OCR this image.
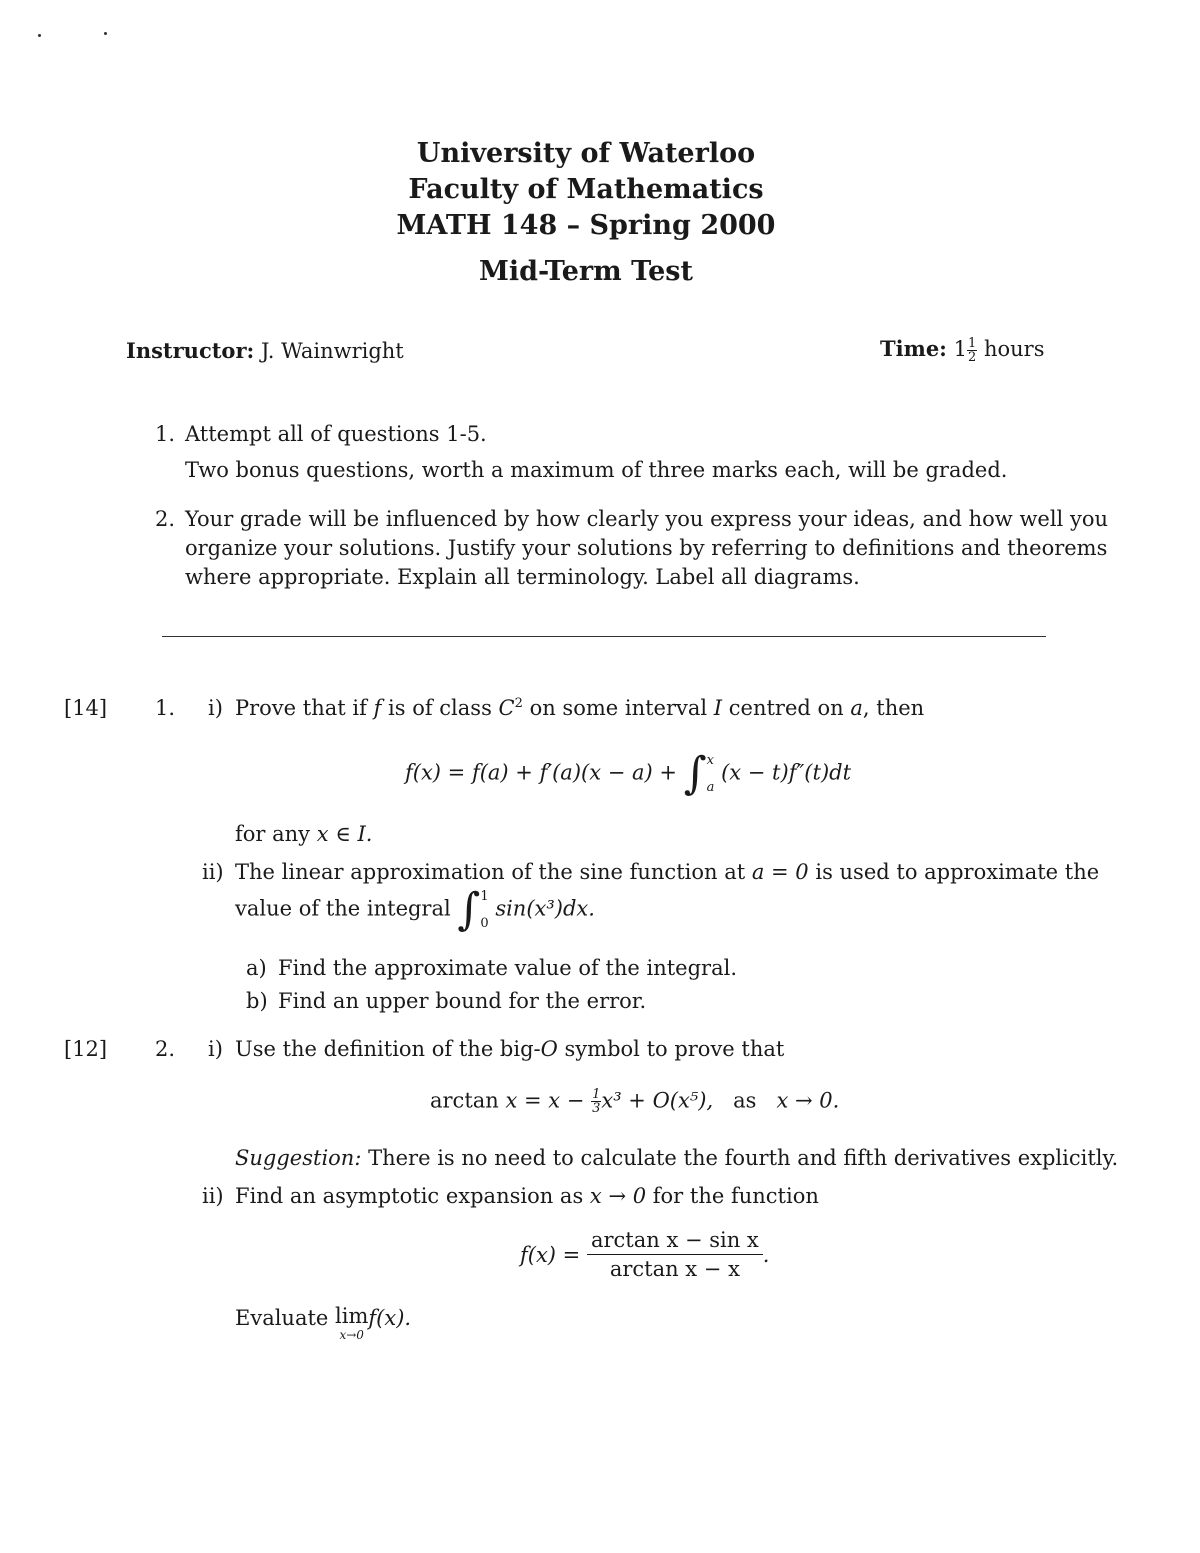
University of Waterloo
Faculty of Mathematics
MATH 148 – Spring 2000
Mid-Term Test
Instructor: J. Wainwright	Time: $1 \frac{1}{2}$ hours
1. Attempt all of questions 1-5.
Two bonus questions, worth a maximum of three marks each, will be graded.
2. Your grade will be influenced by how clearly you express your ideas, and how well you
organize your solutions. Justify your solutions by referring to definitions and theorems
where appropriate. Explain all terminology. Label all diagrams.
[14] 1. i) Prove that if f is of class $C^2$ on some interval I centred on a, then
f(x) = f(a) + f′(a)(x − a) + ∫ x
a
(x − t)f″(t)dt
for any x ∈ I.
ii) The linear approximation of the sine function at a = 0 is used to approximate the
value of the integral ∫ 1
0
sin(x³)dx.
a) Find the approximate value of the integral.
b) Find an upper bound for the error.
[12] 2. i) Use the definition of the big-O symbol to prove that
$\arctan x = x - \frac{1}{3} x^3 + O(x^5)$, as x → 0.
Suggestion: There is no need to calculate the fourth and fifth derivatives explicitly.
ii) Find an asymptotic expansion as x → 0 for the function
$f(x) = \frac{\text{arctan x − sin x}}{\text{arctan x − x}}$ .
Evaluate lim
x→0
f(x).
